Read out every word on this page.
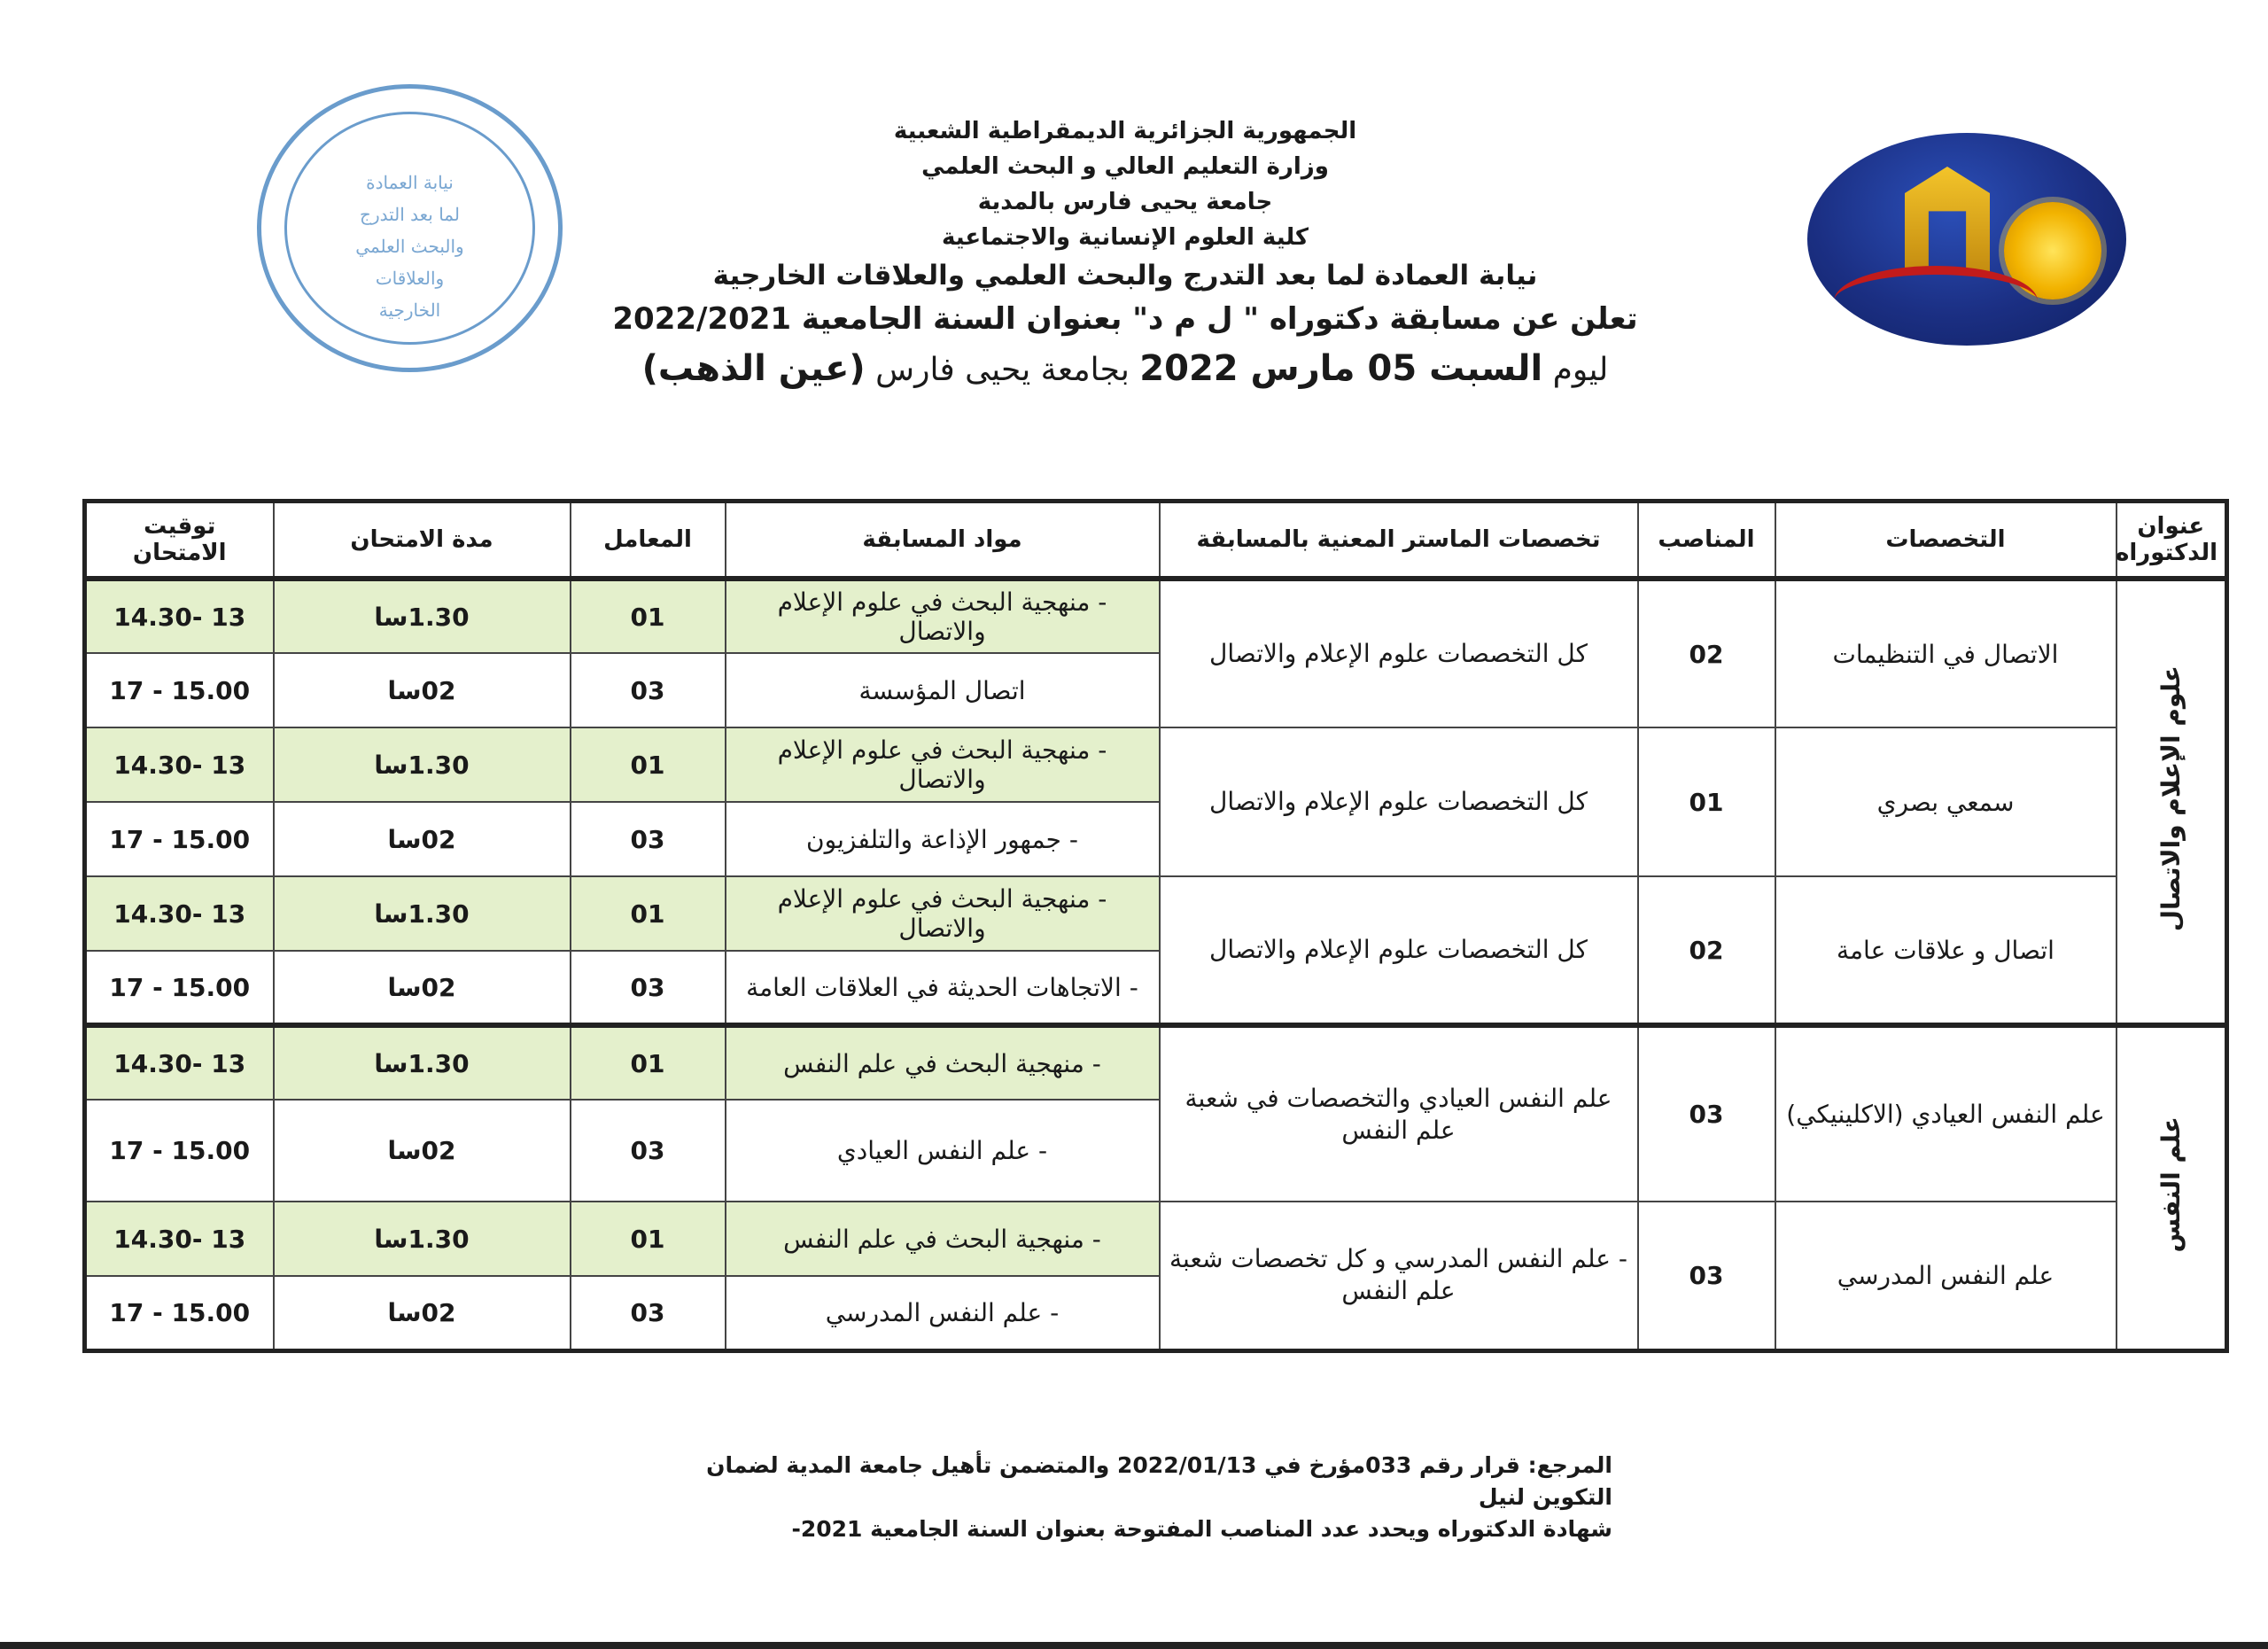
نيابة العمادة
لما بعد التدرج
والبحث العلمي
والعلاقات
الخارجية
الجمهورية الجزائرية الديمقراطية الشعبية
وزارة التعليم العالي و البحث العلمي
جامعة يحيى فارس بالمدية
كلية العلوم الإنسانية والاجتماعية
نيابة العمادة لما بعد التدرج والبحث العلمي والعلاقات الخارجية
تعلن عن مسابقة دكتوراه " ل م د" بعنوان السنة الجامعية 2022/2021
ليوم السبت 05 مارس 2022 بجامعة يحيى فارس (عين الذهب)
عنوان الدكتوراه	التخصصات	المناصب	تخصصات الماستر المعنية بالمسابقة	مواد المسابقة	المعامل	مدة الامتحان	توقيت الامتحان
علوم الإعلام والاتصال	الاتصال في التنظيمات	02	كل التخصصات علوم الإعلام والاتصال	- منهجية البحث في علوم الإعلام والاتصال	01	1.30سا	13 -14.30
				اتصال المؤسسة	03	02سا	15.00 - 17
	سمعي بصري	01	كل التخصصات علوم الإعلام والاتصال	- منهجية البحث في علوم الإعلام والاتصال	01	1.30سا	13 -14.30
				- جمهور الإذاعة والتلفزيون	03	02سا	15.00 - 17
	اتصال و علاقات عامة	02	كل التخصصات علوم الإعلام والاتصال	- منهجية البحث في علوم الإعلام والاتصال	01	1.30سا	13 -14.30
				- الاتجاهات الحديثة في العلاقات العامة	03	02سا	15.00 - 17
علم النفس	علم النفس العيادي (الاكلينيكي)	03	علم النفس العيادي والتخصصات في شعبة علم النفس	- منهجية البحث في علم النفس	01	1.30سا	13 -14.30
				- علم النفس العيادي	03	02سا	15.00 - 17
	علم النفس المدرسي	03	- علم النفس المدرسي و كل تخصصات شعبة علم النفس	- منهجية البحث في علم النفس	01	1.30سا	13 -14.30
				- علم النفس المدرسي	03	02سا	15.00 - 17
المرجع: قرار رقم 033مؤرخ في 2022/01/13 والمتضمن تأهيل جامعة المدية لضمان التكوين لنيل
شهادة الدكتوراه ويحدد عدد المناصب المفتوحة بعنوان السنة الجامعية 2021-
